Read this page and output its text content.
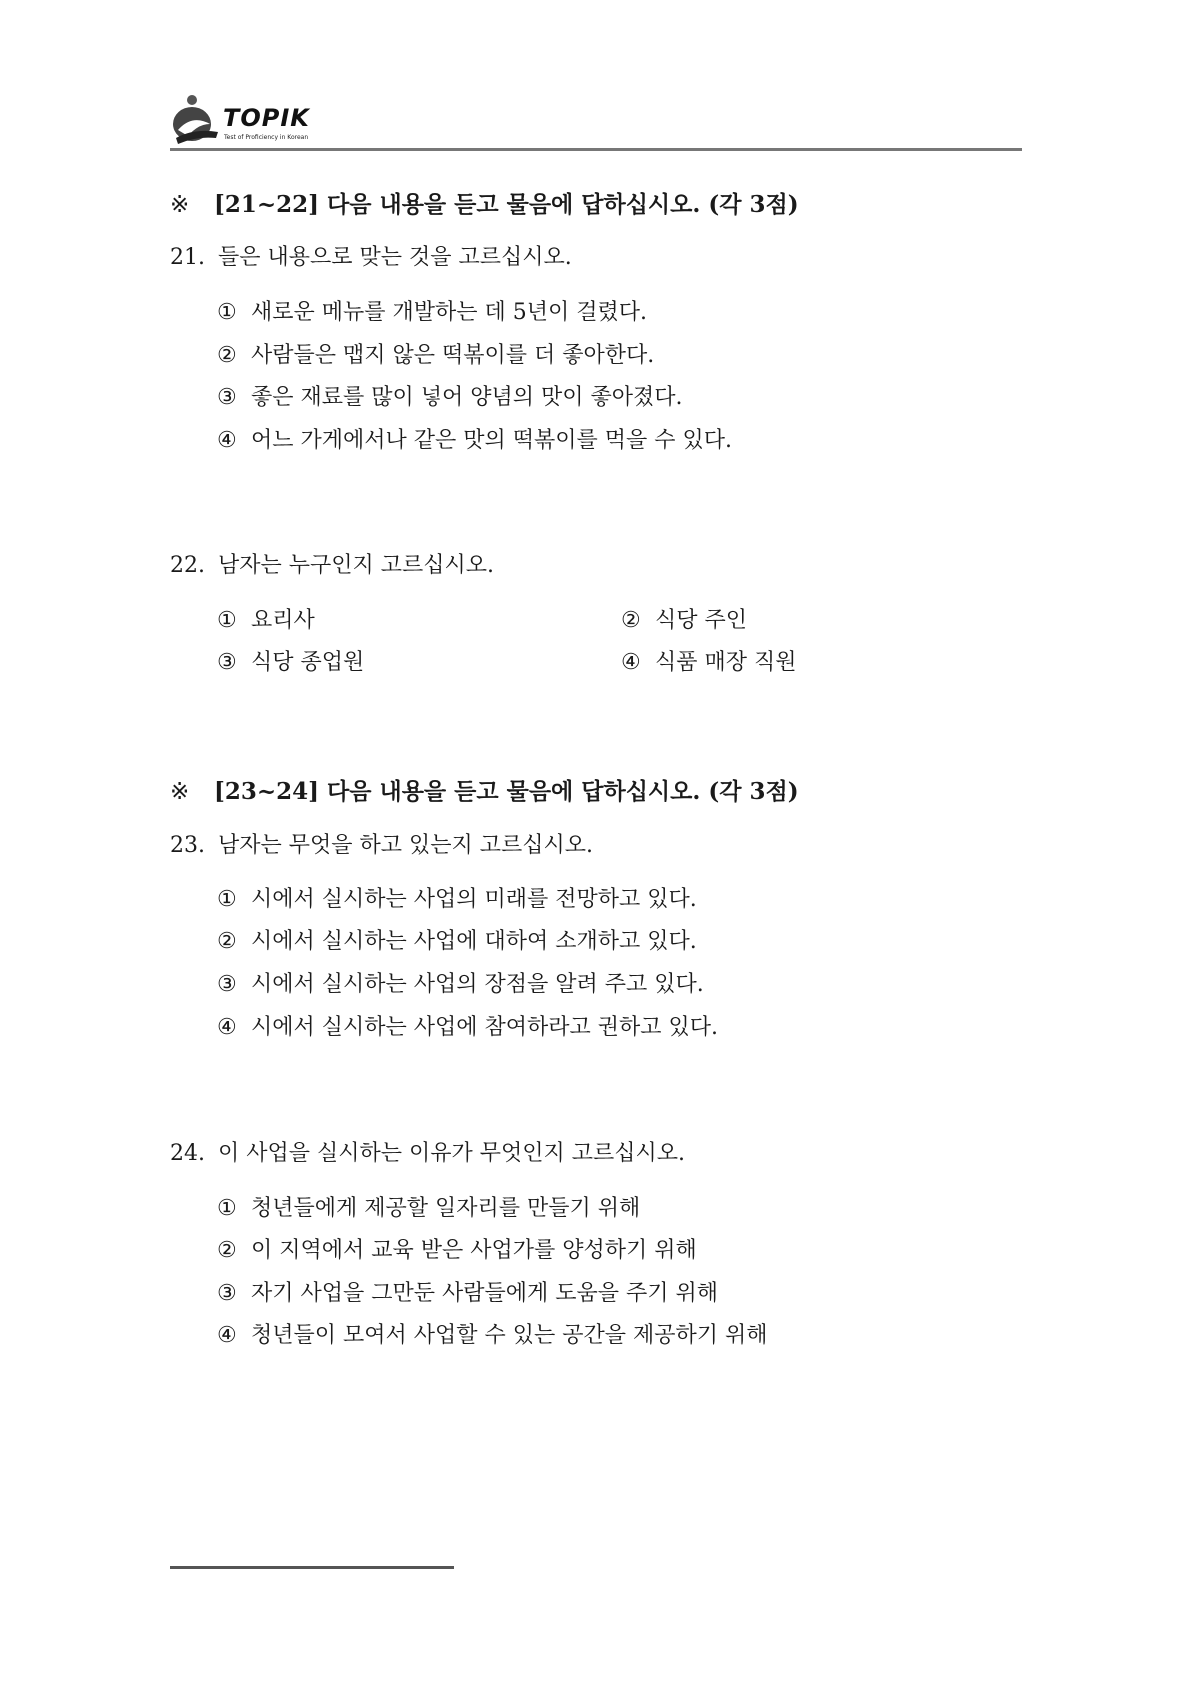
TOPIK
Test of Proficiency in Korean
※ [21~22] 다음 내용을 듣고 물음에 답하십시오. (각 3점)
21. 들은 내용으로 맞는 것을 고르십시오.
① 새로운 메뉴를 개발하는 데 5년이 걸렸다.
② 사람들은 맵지 않은 떡볶이를 더 좋아한다.
③ 좋은 재료를 많이 넣어 양념의 맛이 좋아졌다.
④ 어느 가게에서나 같은 맛의 떡볶이를 먹을 수 있다.
22. 남자는 누구인지 고르십시오.
① 요리사	② 식당 주인
③ 식당 종업원	④ 식품 매장 직원
※ [23~24] 다음 내용을 듣고 물음에 답하십시오. (각 3점)
23. 남자는 무엇을 하고 있는지 고르십시오.
① 시에서 실시하는 사업의 미래를 전망하고 있다.
② 시에서 실시하는 사업에 대하여 소개하고 있다.
③ 시에서 실시하는 사업의 장점을 알려 주고 있다.
④ 시에서 실시하는 사업에 참여하라고 권하고 있다.
24. 이 사업을 실시하는 이유가 무엇인지 고르십시오.
① 청년들에게 제공할 일자리를 만들기 위해
② 이 지역에서 교육 받은 사업가를 양성하기 위해
③ 자기 사업을 그만둔 사람들에게 도움을 주기 위해
④ 청년들이 모여서 사업할 수 있는 공간을 제공하기 위해
